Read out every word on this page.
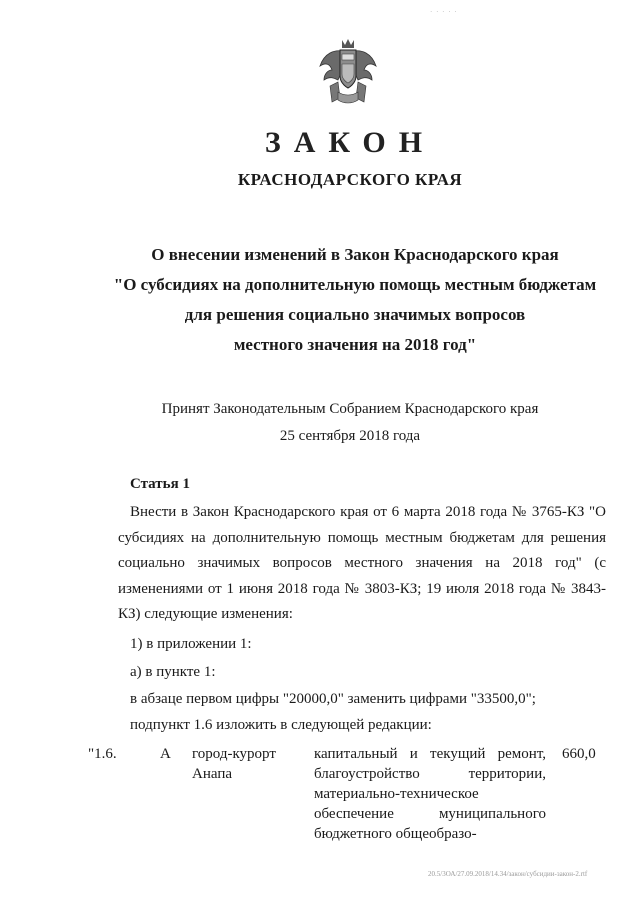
· · · · ·
ЗАКОН
КРАСНОДАРСКОГО КРАЯ
О внесении изменений в Закон Краснодарского края
"О субсидиях на дополнительную помощь местным бюджетам
для решения социально значимых вопросов
местного значения на 2018 год"
Принят Законодательным Собранием Краснодарского края
25 сентября 2018 года
Статья 1
Внести в Закон Краснодарского края от 6 марта 2018 года № 3765-КЗ "О субсидиях на дополнительную помощь местным бюджетам для решения социально значимых вопросов местного значения на 2018 год" (с изменениями от 1 июня 2018 года № 3803-КЗ; 19 июля 2018 года № 3843-КЗ) следующие изменения:
1) в приложении 1:
а) в пункте 1:
в абзаце первом цифры "20000,0" заменить цифрами "33500,0";
подпункт 1.6 изложить в следующей редакции:
"1.6.	А город-курорт Анапа
капитальный и текущий ремонт, благоустройство территории, материально-техническое обеспечение муниципального бюджетного общеобразо-
660,0
20.5/3ОА/27.09.2018/14.34/закон/субсидии-закон-2.rtf
